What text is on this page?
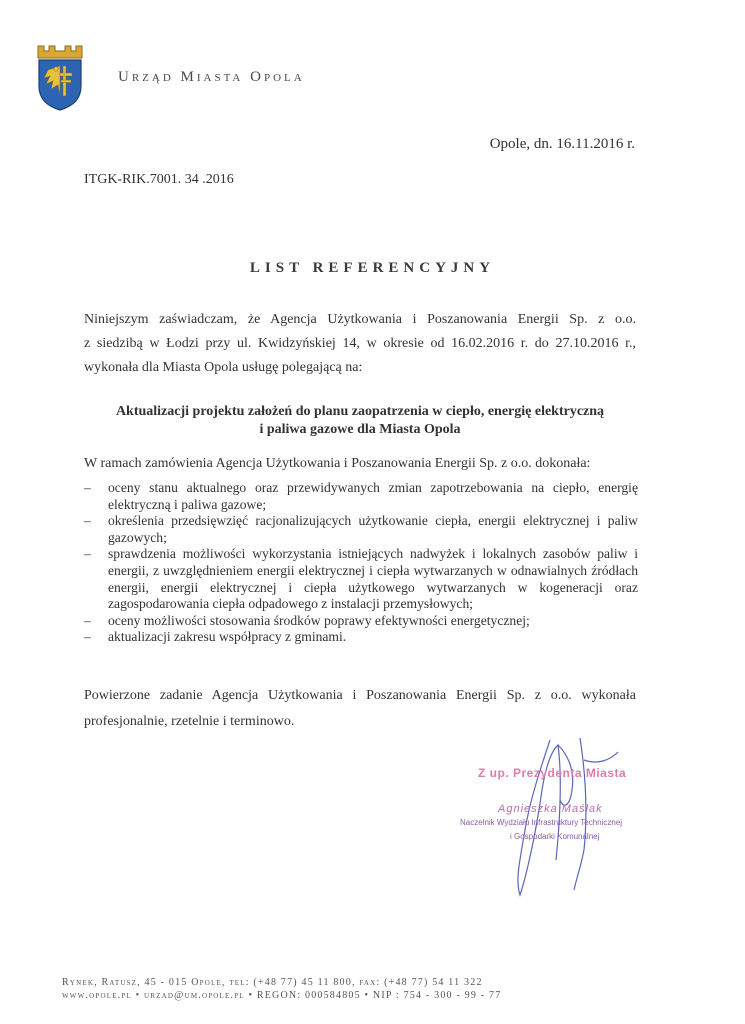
Urząd Miasta Opola
Opole, dn. 16.11.2016 r.
ITGK-RIK.7001. 34 .2016
LIST REFERENCYJNY
Niniejszym zaświadczam, że Agencja Użytkowania i Poszanowania Energii Sp. z o.o.
z siedzibą w Łodzi przy ul. Kwidzyńskiej 14, w okresie od 16.02.2016 r. do 27.10.2016 r.,
wykonała dla Miasta Opola usługę polegającą na:
Aktualizacji projektu założeń do planu zaopatrzenia w ciepło, energię elektryczną
i paliwa gazowe dla Miasta Opola
W ramach zamówienia Agencja Użytkowania i Poszanowania Energii Sp. z o.o. dokonała:
– oceny stanu aktualnego oraz przewidywanych zmian zapotrzebowania na ciepło, energię elektryczną i paliwa gazowe;
– określenia przedsięwzięć racjonalizujących użytkowanie ciepła, energii elektrycznej i paliw gazowych;
– sprawdzenia możliwości wykorzystania istniejących nadwyżek i lokalnych zasobów paliw i energii, z uwzględnieniem energii elektrycznej i ciepła wytwarzanych w odnawialnych źródłach energii, energii elektrycznej i ciepła użytkowego wytwarzanych w kogeneracji oraz zagospodarowania ciepła odpadowego z instalacji przemysłowych;
– oceny możliwości stosowania środków poprawy efektywności energetycznej;
– aktualizacji zakresu współpracy z gminami.
Powierzone zadanie Agencja Użytkowania i Poszanowania Energii Sp. z o.o. wykonała profesjonalnie, rzetelnie i terminowo.
Z up. Prezydenta Miasta
Agnieszka Maślak
Naczelnik Wydziału Infrastruktury Technicznej
i Gospodarki Komunalnej
Rynek, Ratusz, 45 - 015 Opole, tel: (+48 77) 45 11 800, fax: (+48 77) 54 11 322
www.opole.pl • urzad@um.opole.pl • REGON: 000584805 • NIP : 754 - 300 - 99 - 77
